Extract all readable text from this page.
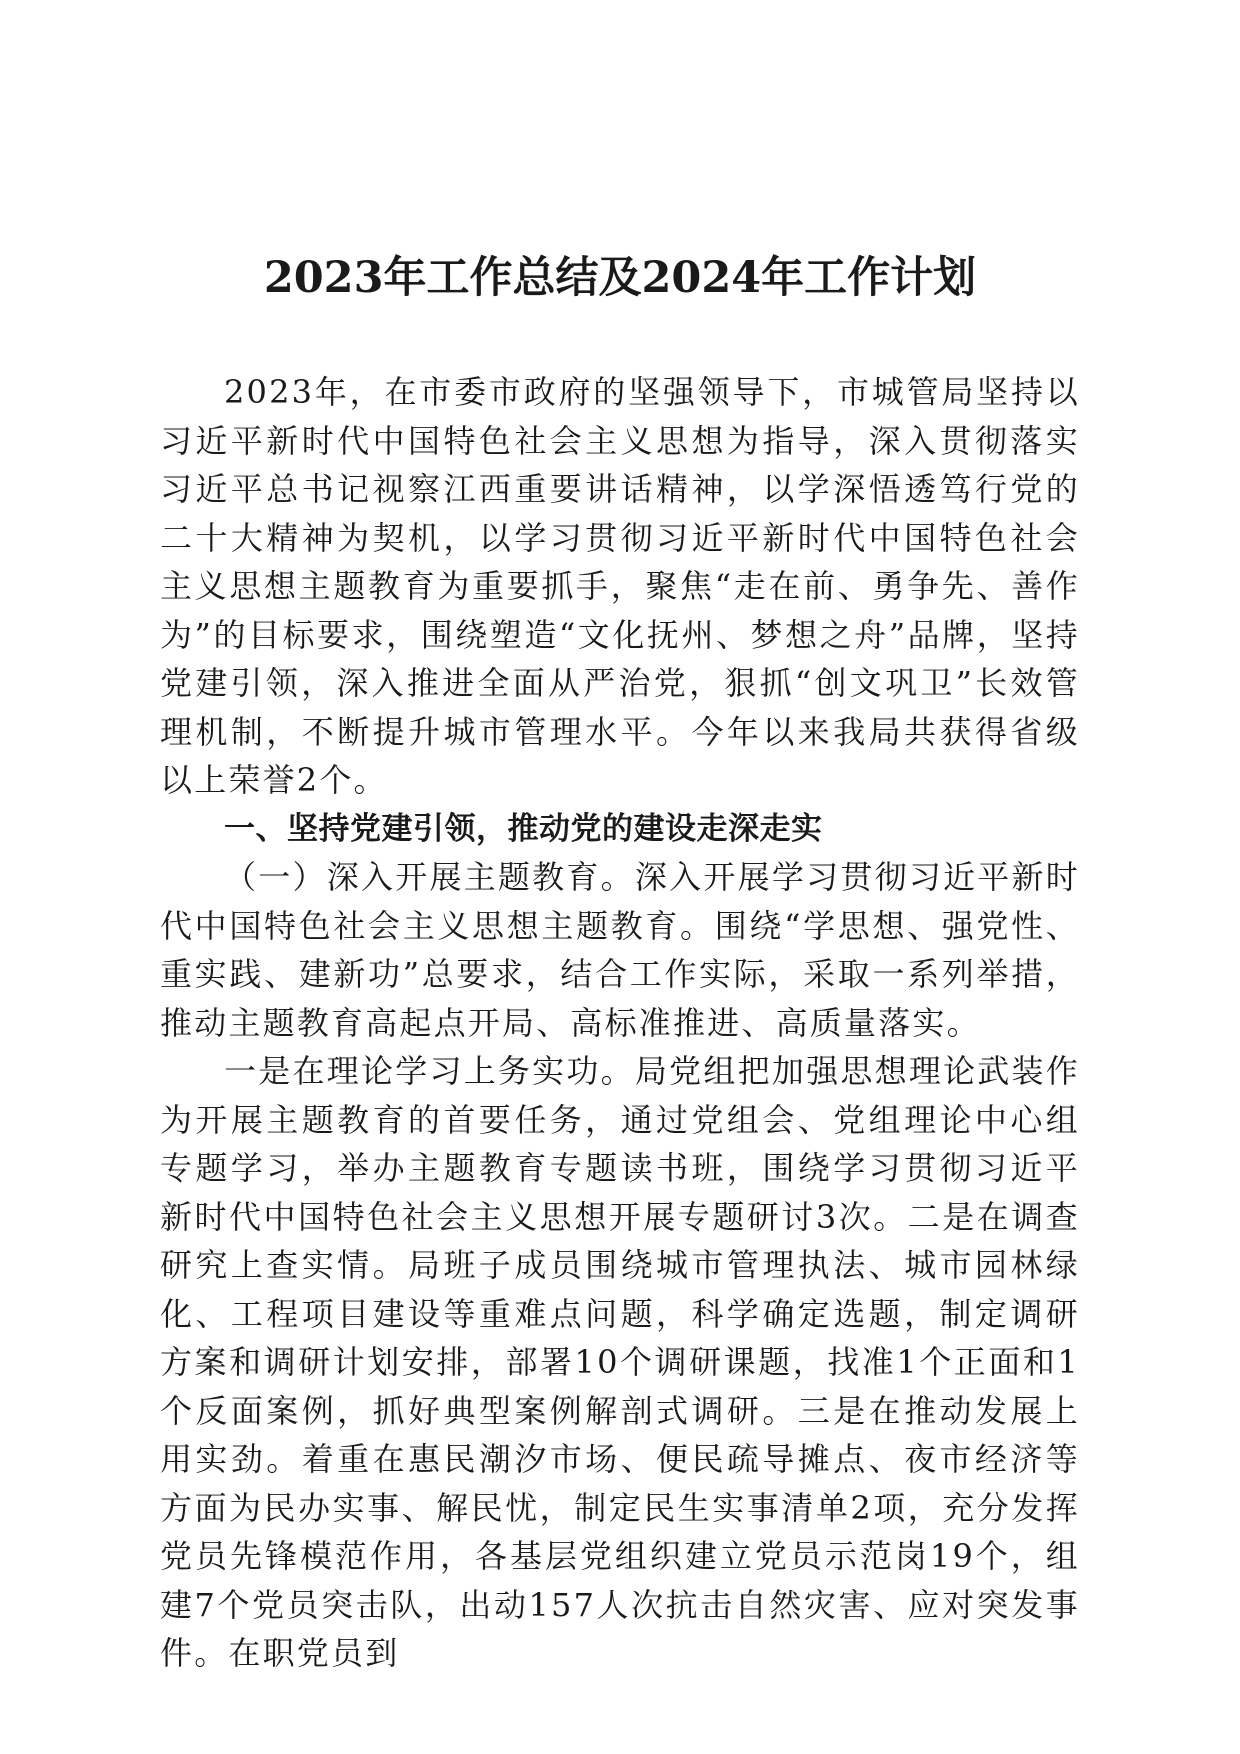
2023年工作总结及2024年工作计划

2023年，在市委市政府的坚强领导下，市城管局坚持以习近平新时代中国特色社会主义思想为指导，深入贯彻落实习近平总书记视察江西重要讲话精神，以学深悟透笃行党的二十大精神为契机，以学习贯彻习近平新时代中国特色社会主义思想主题教育为重要抓手，聚焦“走在前、勇争先、善作为”的目标要求，围绕塑造“文化抚州、梦想之舟”品牌，坚持党建引领，深入推进全面从严治党，狠抓“创文巩卫”长效管理机制，不断提升城市管理水平。今年以来我局共获得省级以上荣誉2个。

一、坚持党建引领，推动党的建设走深走实

（一）深入开展主题教育。深入开展学习贯彻习近平新时代中国特色社会主义思想主题教育。围绕“学思想、强党性、重实践、建新功”总要求，结合工作实际，采取一系列举措，推动主题教育高起点开局、高标准推进、高质量落实。

一是在理论学习上务实功。局党组把加强思想理论武装作为开展主题教育的首要任务，通过党组会、党组理论中心组专题学习，举办主题教育专题读书班，围绕学习贯彻习近平新时代中国特色社会主义思想开展专题研讨3次。二是在调查研究上查实情。局班子成员围绕城市管理执法、城市园林绿化、工程项目建设等重难点问题，科学确定选题，制定调研方案和调研计划安排，部署10个调研课题，找准1个正面和1个反面案例，抓好典型案例解剖式调研。三是在推动发展上用实劲。着重在惠民潮汐市场、便民疏导摊点、夜市经济等方面为民办实事、解民忧，制定民生实事清单2项，充分发挥党员先锋模范作用，各基层党组织建立党员示范岗19个，组建7个党员突击队，出动157人次抗击自然灾害、应对突发事件。在职党员到
